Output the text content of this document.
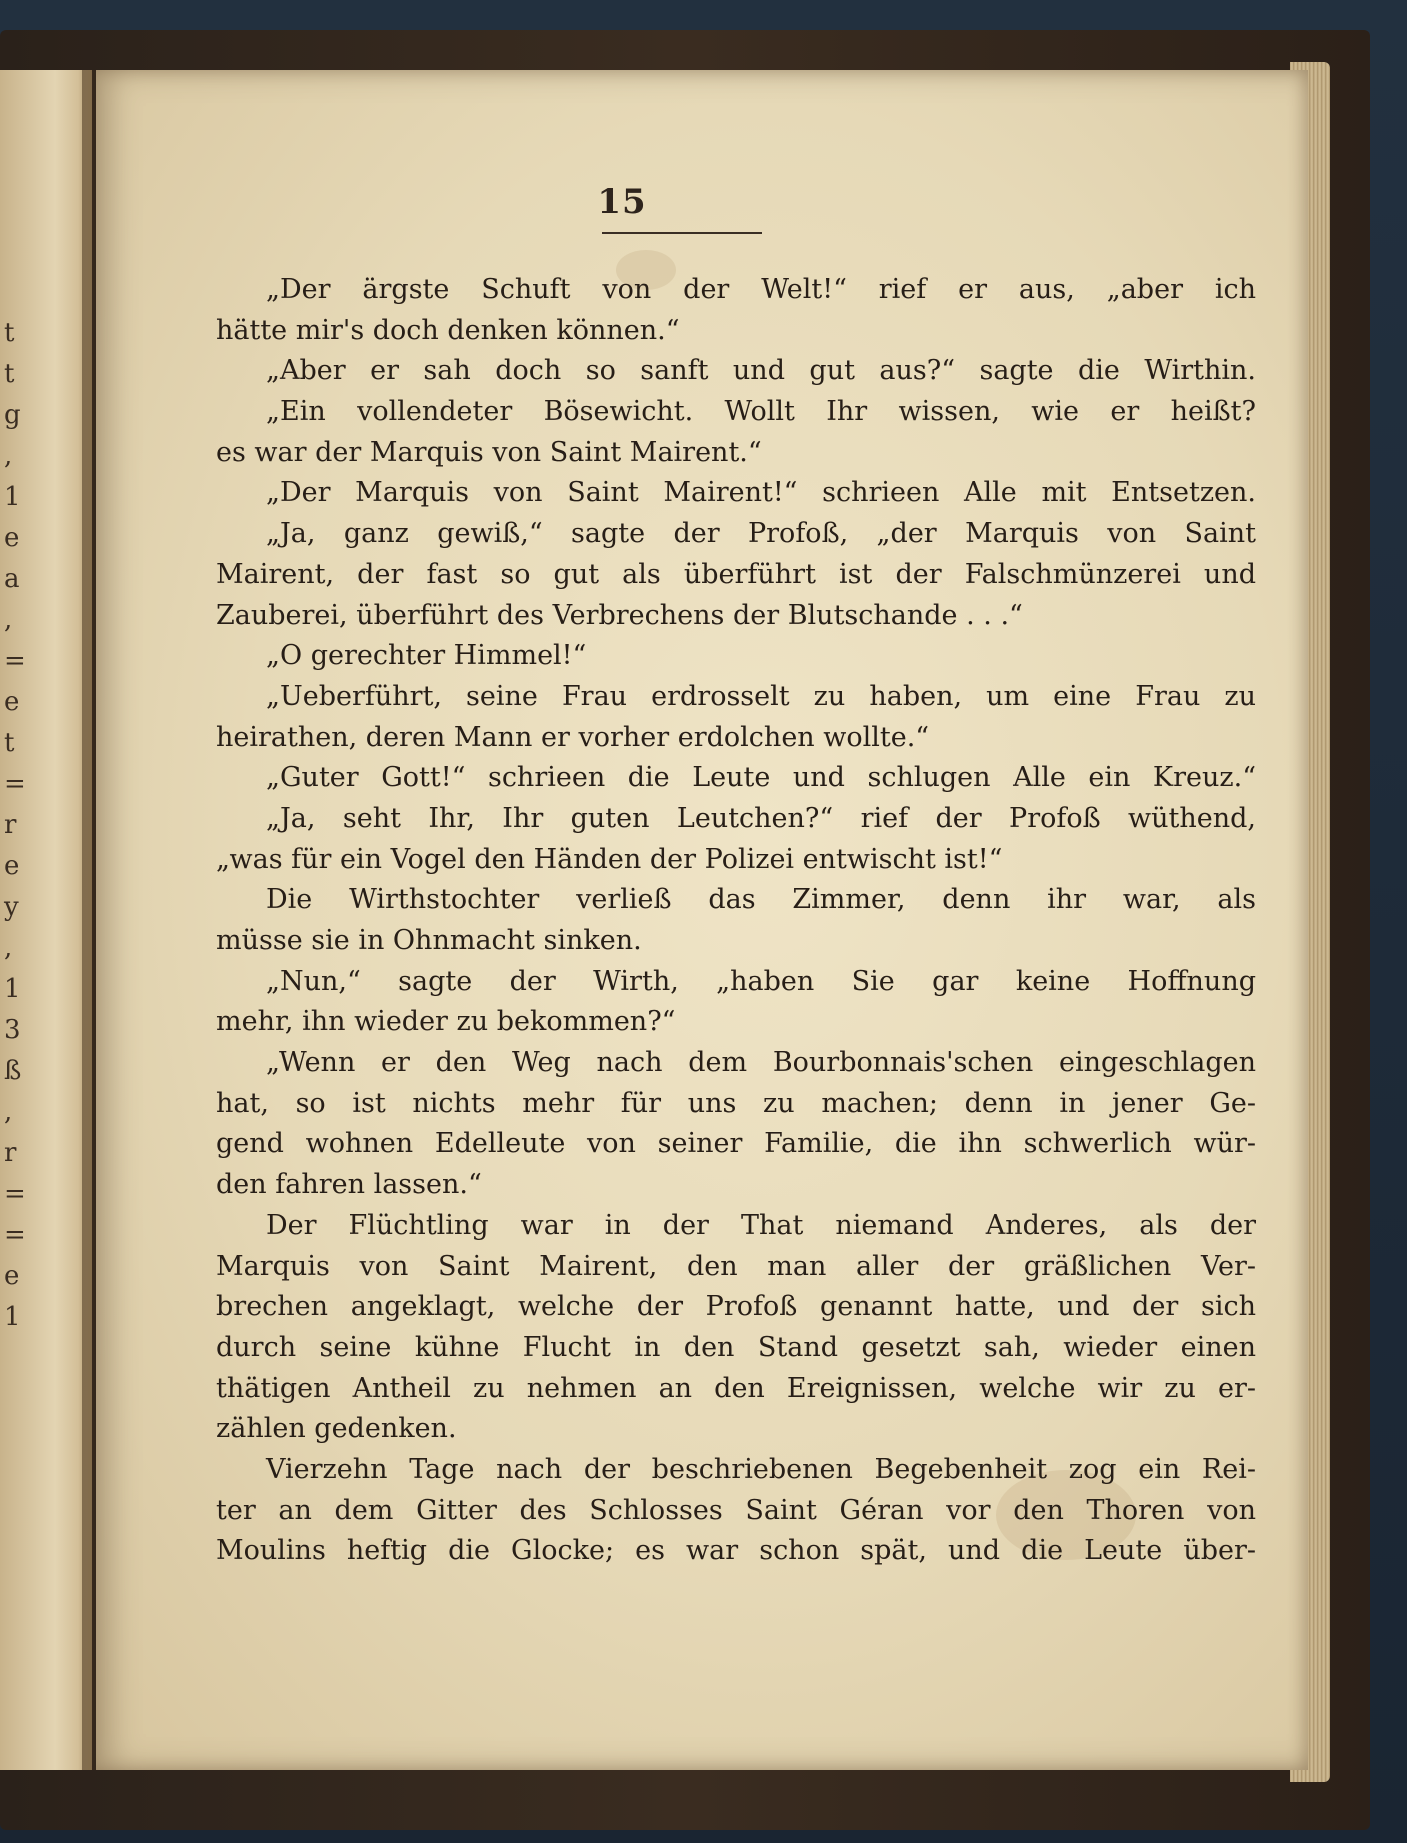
t
t
g
,
1
e
a
,
=
e
t
=
r
e
y
,
1
3
ß
,
r
=
=
e
1
15
„Der ärgste Schuft von der Welt!“ rief er aus, „aber ich
hätte mir's doch denken können.“
„Aber er sah doch so sanft und gut aus?“ sagte die Wirthin.
„Ein vollendeter Bösewicht. Wollt Ihr wissen, wie er heißt?
es war der Marquis von Saint Mairent.“
„Der Marquis von Saint Mairent!“ schrieen Alle mit Entsetzen.
„Ja, ganz gewiß,“ sagte der Profoß, „der Marquis von Saint
Mairent, der fast so gut als überführt ist der Falschmünzerei und
Zauberei, überführt des Verbrechens der Blutschande . . .“
„O gerechter Himmel!“
„Ueberführt, seine Frau erdrosselt zu haben, um eine Frau zu
heirathen, deren Mann er vorher erdolchen wollte.“
„Guter Gott!“ schrieen die Leute und schlugen Alle ein Kreuz.“
„Ja, seht Ihr, Ihr guten Leutchen?“ rief der Profoß wüthend,
„was für ein Vogel den Händen der Polizei entwischt ist!“
Die Wirthstochter verließ das Zimmer, denn ihr war, als
müsse sie in Ohnmacht sinken.
„Nun,“ sagte der Wirth, „haben Sie gar keine Hoffnung
mehr, ihn wieder zu bekommen?“
„Wenn er den Weg nach dem Bourbonnais'schen eingeschlagen
hat, so ist nichts mehr für uns zu machen; denn in jener Ge-
gend wohnen Edelleute von seiner Familie, die ihn schwerlich wür-
den fahren lassen.“
Der Flüchtling war in der That niemand Anderes, als der
Marquis von Saint Mairent, den man aller der gräßlichen Ver-
brechen angeklagt, welche der Profoß genannt hatte, und der sich
durch seine kühne Flucht in den Stand gesetzt sah, wieder einen
thätigen Antheil zu nehmen an den Ereignissen, welche wir zu er-
zählen gedenken.
Vierzehn Tage nach der beschriebenen Begebenheit zog ein Rei-
ter an dem Gitter des Schlosses Saint Géran vor den Thoren von
Moulins heftig die Glocke; es war schon spät, und die Leute über-
